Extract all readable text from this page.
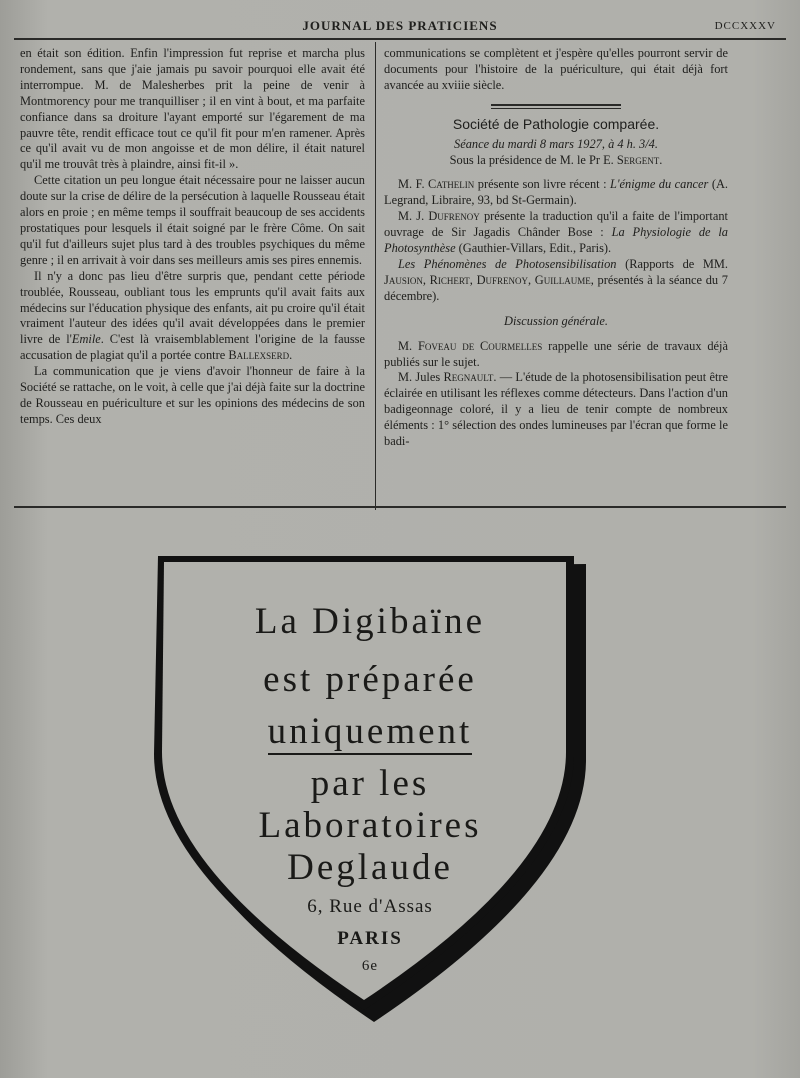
JOURNAL DES PRATICIENS	DCCXXXV

en était son édition. Enfin l'impression fut reprise et marcha plus rondement, sans que j'aie jamais pu savoir pourquoi elle avait été interrompue. M. de Malesherbes prit la peine de venir à Montmorency pour me tranquilliser ; il en vint à bout, et ma parfaite confiance dans sa droiture l'ayant emporté sur l'égarement de ma pauvre tête, rendit efficace tout ce qu'il fit pour m'en ramener. Après ce qu'il avait vu de mon angoisse et de mon délire, il était naturel qu'il me trouvât très à plaindre, ainsi fit-il ».

Cette citation un peu longue était nécessaire pour ne laisser aucun doute sur la crise de délire de la persécution à laquelle Rousseau était alors en proie ; en même temps il souffrait beaucoup de ses accidents prostatiques pour lesquels il était soigné par le frère Côme. On sait qu'il fut d'ailleurs sujet plus tard à des troubles psychiques du même genre ; il en arrivait à voir dans ses meilleurs amis ses pires ennemis.

Il n'y a donc pas lieu d'être surpris que, pendant cette période troublée, Rousseau, oubliant tous les emprunts qu'il avait faits aux médecins sur l'éducation physique des enfants, ait pu croire qu'il était vraiment l'auteur des idées qu'il avait développées dans le premier livre de l'Emile. C'est là vraisemblablement l'origine de la fausse accusation de plagiat qu'il a portée contre Ballexserd.

La communication que je viens d'avoir l'honneur de faire à la Société se rattache, on le voit, à celle que j'ai déjà faite sur la doctrine de Rousseau en puériculture et sur les opinions des médecins de son temps. Ces deux

communications se complètent et j'espère qu'elles pourront servir de documents pour l'histoire de la puériculture, qui était déjà fort avancée au xviiie siècle.

Société de Pathologie comparée.

Séance du mardi 8 mars 1927, à 4 h. 3/4.

Sous la présidence de M. le Pr E. Sergent.

M. F. Cathelin présente son livre récent : L'énigme du cancer (A. Legrand, Libraire, 93, bd St-Germain).

M. J. Dufrenoy présente la traduction qu'il a faite de l'important ouvrage de Sir Jagadis Chânder Bose : La Physiologie de la Photosynthèse (Gauthier-Villars, Edit., Paris).

Les Phénomènes de Photosensibilisation (Rapports de MM. Jausion, Richert, Dufrenoy, Guillaume, présentés à la séance du 7 décembre).

Discussion générale.

M. Foveau de Courmelles rappelle une série de travaux déjà publiés sur le sujet.

M. Jules Regnault. — L'étude de la photosensibilisation peut être éclairée en utilisant les réflexes comme détecteurs. Dans l'action d'un badigeonnage coloré, il y a lieu de tenir compte de nombreux éléments : 1° sélection des ondes lumineuses par l'écran que forme le badi-

La Digibaïne
est préparée
uniquement
par les
Laboratoires
Deglaude
6, Rue d'Assas
PARIS
6e
